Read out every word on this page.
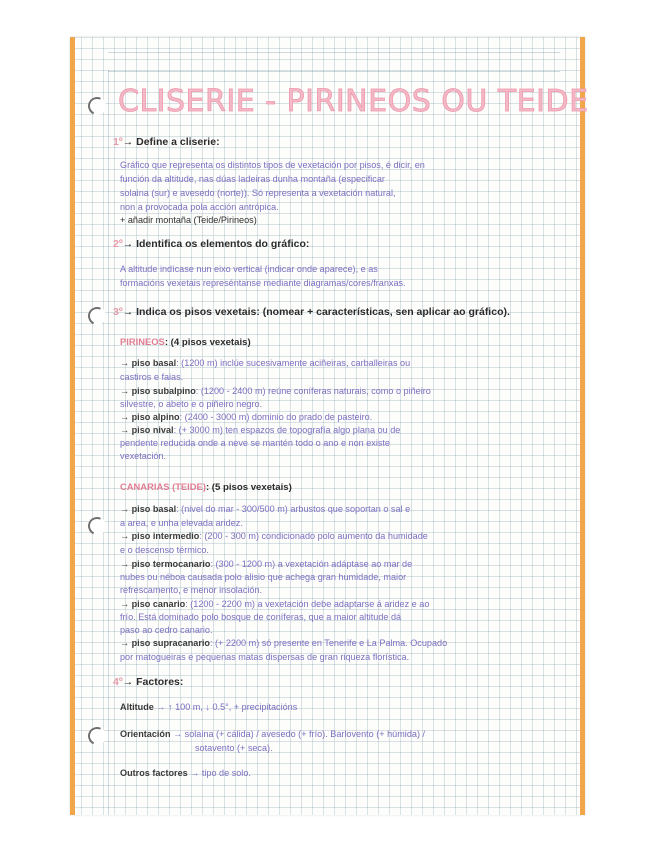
CLISERIE - PIRINEOS OU TEIDE

1º→ Define a cliserie:

Gráfico que representa os distintos tipos de vexetación por pisos, é dicir, en

función da altitude, nas dúas ladeiras dunha montaña (especificar

solaina (sur) e avesedo (norte)). Só representa a vexetación natural,

non a provocada pola acción antrópica.

+ añadir montaña (Teide/Pirineos)

2º→ Identifica os elementos do gráfico:

A altitude indícase nun eixo vertical (indicar onde aparece), e as

formacións vexetais represéntanse mediante diagramas/cores/franxas.

3º→ Indica os pisos vexetais: (nomear + características, sen aplicar ao gráfico).

PIRINEOS: (4 pisos vexetais)

→ piso basal: (1200 m) inclúe sucesivamente aciñeiras, carballeiras ou

castiros e faias.

→ piso subalpino: (1200 - 2400 m) reúne coníferas naturais, como o piñeiro

silvestre, o abeto e o piñeiro negro.

→ piso alpino: (2400 - 3000 m) dominio do prado de pasteiro.

→ piso nival: (+ 3000 m) ten espazos de topografía algo plana ou de

pendente reducida onde a neve se mantén todo o ano e non existe

vexetación.

CANARIAS (TEIDE): (5 pisos vexetais)

→ piso basal: (nivel do mar - 300/500 m) arbustos que soportan o sal e

a area, e unha elevada aridez.

→ piso intermedio: (200 - 300 m) condicionado polo aumento da humidade

e o descenso térmico.

→ piso termocanario: (300 - 1200 m) a vexetación adáptase ao mar de

nubes ou néboa causada polo alisio que achega gran humidade, maior

refrescamento, e menor insolación.

→ piso canario: (1200 - 2200 m) a vexetación debe adaptarse á aridez e ao

frío. Está dominado polo bosque de coníferas, que a maior altitude dá

paso ao cedro canario.

→ piso supracanario: (+ 2200 m) só presente en Tenerife e La Palma. Ocupado

por matogueiras e pequenas matas dispersas de gran riqueza florística.

4º→ Factores:

Altitude → ↑ 100 m, ↓ 0.5°, + precipitacións

Orientación → solaina (+ cálida) / avesedo (+ frío). Barlovento (+ húmida) /

sotavento (+ seca).

Outros factores → tipo de solo.
